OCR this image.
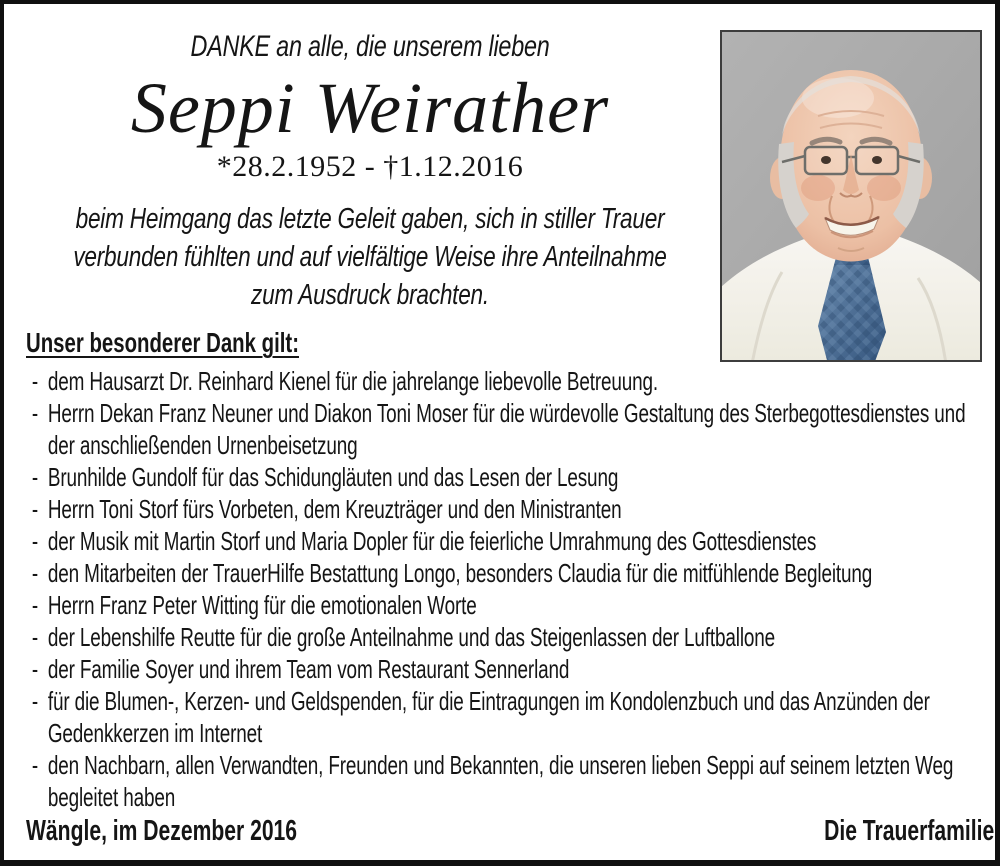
DANKE an alle, die unserem lieben
Seppi Weirather
*28.2.1952 - †1.12.2016
beim Heimgang das letzte Geleit gaben, sich in stiller Trauer
verbunden fühlten und auf vielfältige Weise ihre Anteilnahme
zum Ausdruck brachten.
Unser besonderer Dank gilt:
- dem Hausarzt Dr. Reinhard Kienel für die jahrelange liebevolle Betreuung.
- Herrn Dekan Franz Neuner und Diakon Toni Moser für die würdevolle Gestaltung des Sterbegottesdienstes und der anschließenden Urnenbeisetzung
- Brunhilde Gundolf für das Schidungläuten und das Lesen der Lesung
- Herrn Toni Storf fürs Vorbeten, dem Kreuzträger und den Ministranten
- der Musik mit Martin Storf und Maria Dopler für die feierliche Umrahmung des Gottesdienstes
- den Mitarbeiten der TrauerHilfe Bestattung Longo, besonders Claudia für die mitfühlende Begleitung
- Herrn Franz Peter Witting für die emotionalen Worte
- der Lebenshilfe Reutte für die große Anteilnahme und das Steigenlassen der Luftballone
- der Familie Soyer und ihrem Team vom Restaurant Sennerland
- für die Blumen-, Kerzen- und Geldspenden, für die Eintragungen im Kondolenzbuch und das Anzünden der Gedenkkerzen im Internet
- den Nachbarn, allen Verwandten, Freunden und Bekannten, die unseren lieben Seppi auf seinem letzten Weg begleitet haben
Wängle, im Dezember 2016	Die Trauerfamilie
